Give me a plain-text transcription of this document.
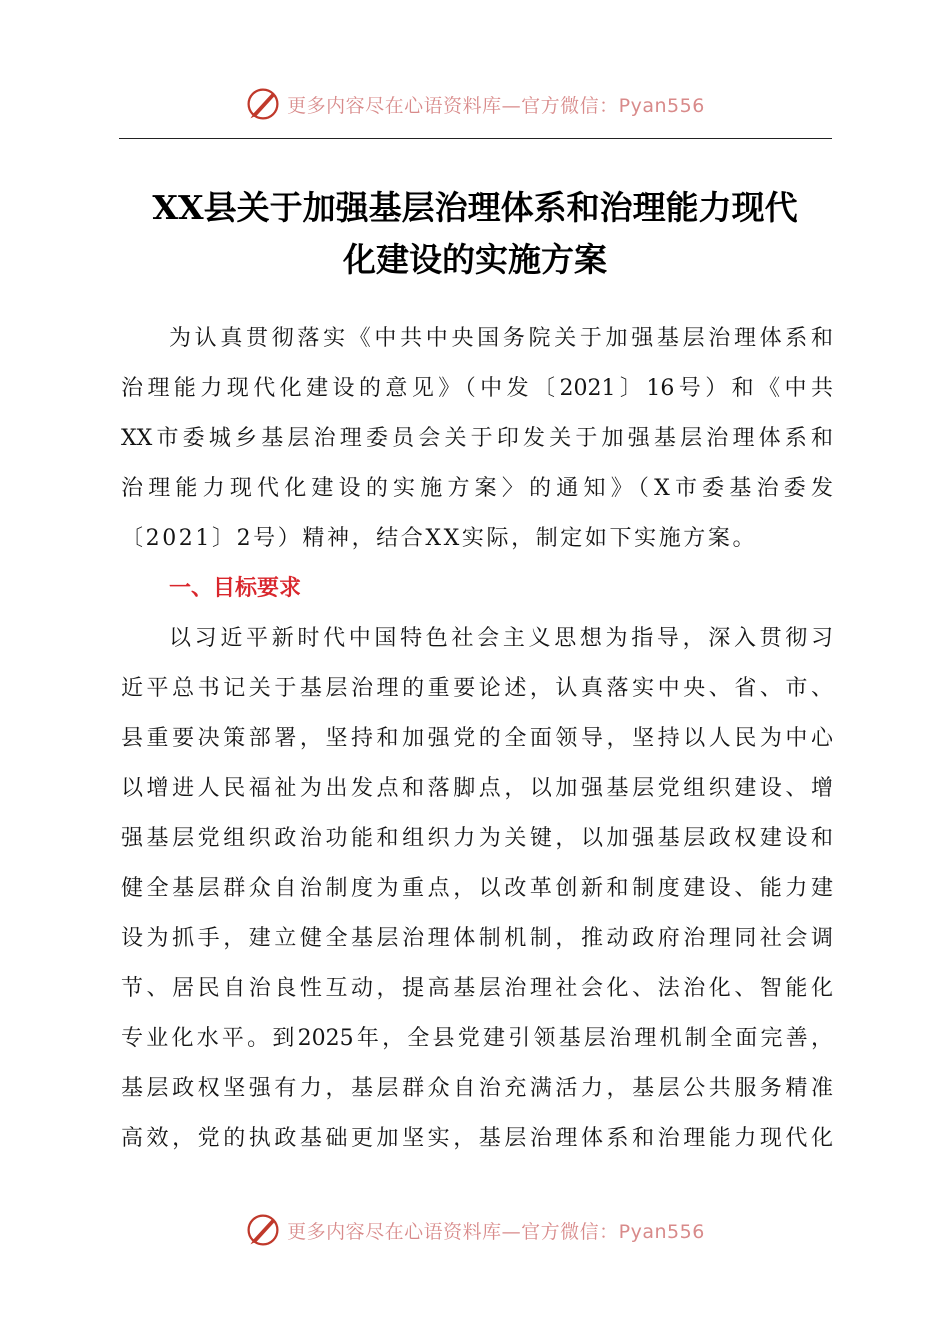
更多内容尽在心语资料库—官方微信：Pyan556
XX县关于加强基层治理体系和治理能力现代
化建设的实施方案
为认真贯彻落实《中共中央国务院关于加强基层治理体系和
治理能力现代化建设的意见》（中发〔2021〕16号）和《中共
XX市委城乡基层治理委员会关于印发关于加强基层治理体系和
治理能力现代化建设的实施方案〉的通知》（X市委基治委发
〔2021〕2号）精神，结合XX实际，制定如下实施方案。
一、目标要求
以习近平新时代中国特色社会主义思想为指导，深入贯彻习
近平总书记关于基层治理的重要论述，认真落实中央、省、市、
县重要决策部署，坚持和加强党的全面领导，坚持以人民为中心
以增进人民福祉为出发点和落脚点，以加强基层党组织建设、增
强基层党组织政治功能和组织力为关键，以加强基层政权建设和
健全基层群众自治制度为重点，以改革创新和制度建设、能力建
设为抓手，建立健全基层治理体制机制，推动政府治理同社会调
节、居民自治良性互动，提高基层治理社会化、法治化、智能化
专业化水平。到2025年，全县党建引领基层治理机制全面完善，
基层政权坚强有力，基层群众自治充满活力，基层公共服务精准
高效，党的执政基础更加坚实，基层治理体系和治理能力现代化
更多内容尽在心语资料库—官方微信：Pyan556
